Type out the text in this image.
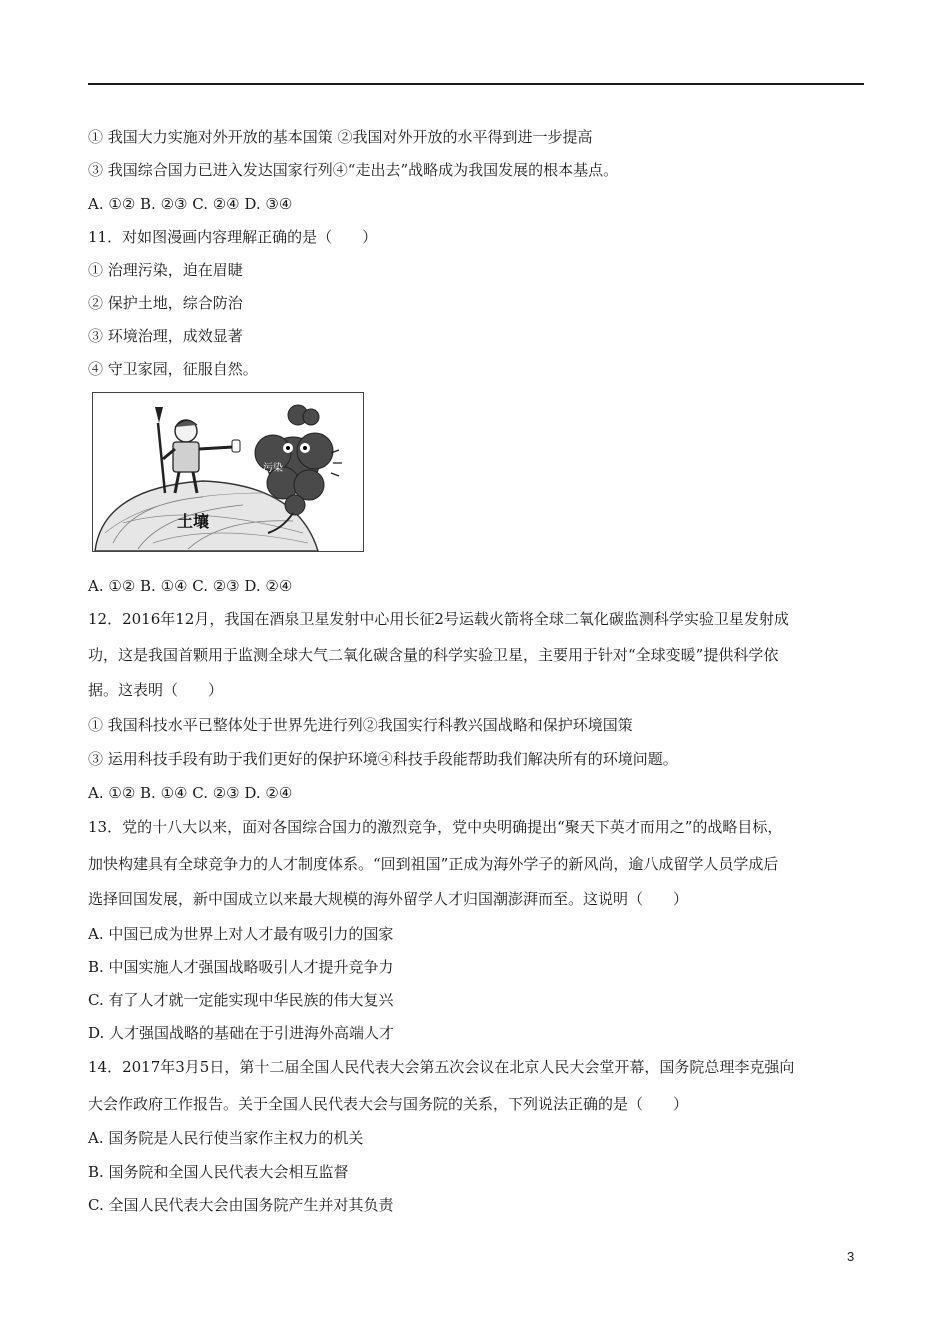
① 我国大力实施对外开放的基本国策 ②我国对外开放的水平得到进一步提高
③ 我国综合国力已进入发达国家行列④“走出去”战略成为我国发展的根本基点。
A. ①② B. ②③ C. ②④ D. ③④
11．对如图漫画内容理解正确的是（　　）
① 治理污染，迫在眉睫
② 保护土地，综合防治
③ 环境治理，成效显著
④ 守卫家园，征服自然。
污染
土壤
A. ①② B. ①④ C. ②③ D. ②④
12．2016年12月，我国在酒泉卫星发射中心用长征2号运载火箭将全球二氧化碳监测科学实验卫星发射成
功，这是我国首颗用于监测全球大气二氧化碳含量的科学实验卫星，主要用于针对“全球变暖”提供科学依
据。这表明（　　）
① 我国科技水平已整体处于世界先进行列②我国实行科教兴国战略和保护环境国策
③ 运用科技手段有助于我们更好的保护环境④科技手段能帮助我们解决所有的环境问题。
A. ①② B. ①④ C. ②③ D. ②④
13．党的十八大以来，面对各国综合国力的激烈竞争，党中央明确提出“聚天下英才而用之”的战略目标，
加快构建具有全球竞争力的人才制度体系。“回到祖国”正成为海外学子的新风尚，逾八成留学人员学成后
选择回国发展，新中国成立以来最大规模的海外留学人才归国潮澎湃而至。这说明（　　）
A. 中国已成为世界上对人才最有吸引力的国家
B. 中国实施人才强国战略吸引人才提升竞争力
C. 有了人才就一定能实现中华民族的伟大复兴
D. 人才强国战略的基础在于引进海外高端人才
14．2017年3月5日，第十二届全国人民代表大会第五次会议在北京人民大会堂开幕，国务院总理李克强向
大会作政府工作报告。关于全国人民代表大会与国务院的关系，下列说法正确的是（　　）
A. 国务院是人民行使当家作主权力的机关
B. 国务院和全国人民代表大会相互监督
C. 全国人民代表大会由国务院产生并对其负责
3
